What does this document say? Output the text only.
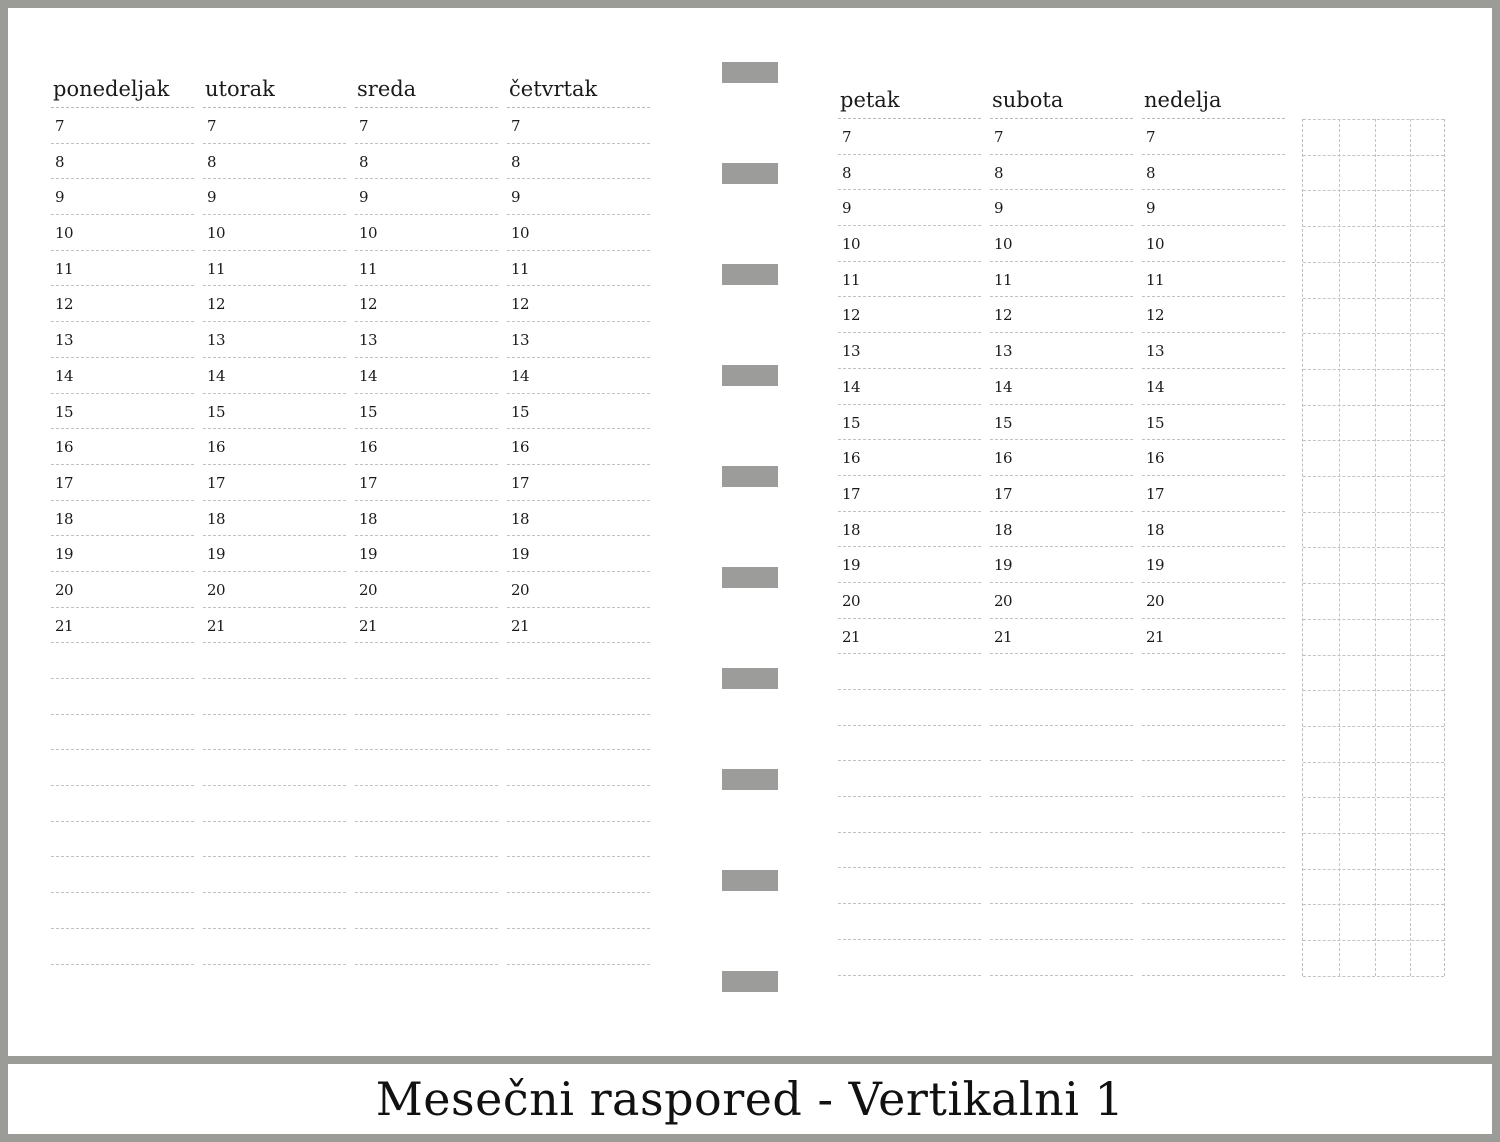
ponedeljak
7
8
9
10
11
12
13
14
15
16
17
18
19
20
21
utorak
7
8
9
10
11
12
13
14
15
16
17
18
19
20
21
sreda
7
8
9
10
11
12
13
14
15
16
17
18
19
20
21
četvrtak
7
8
9
10
11
12
13
14
15
16
17
18
19
20
21
petak
7
8
9
10
11
12
13
14
15
16
17
18
19
20
21
subota
7
8
9
10
11
12
13
14
15
16
17
18
19
20
21
nedelja
7
8
9
10
11
12
13
14
15
16
17
18
19
20
21
Mesečni raspored - Vertikalni 1
